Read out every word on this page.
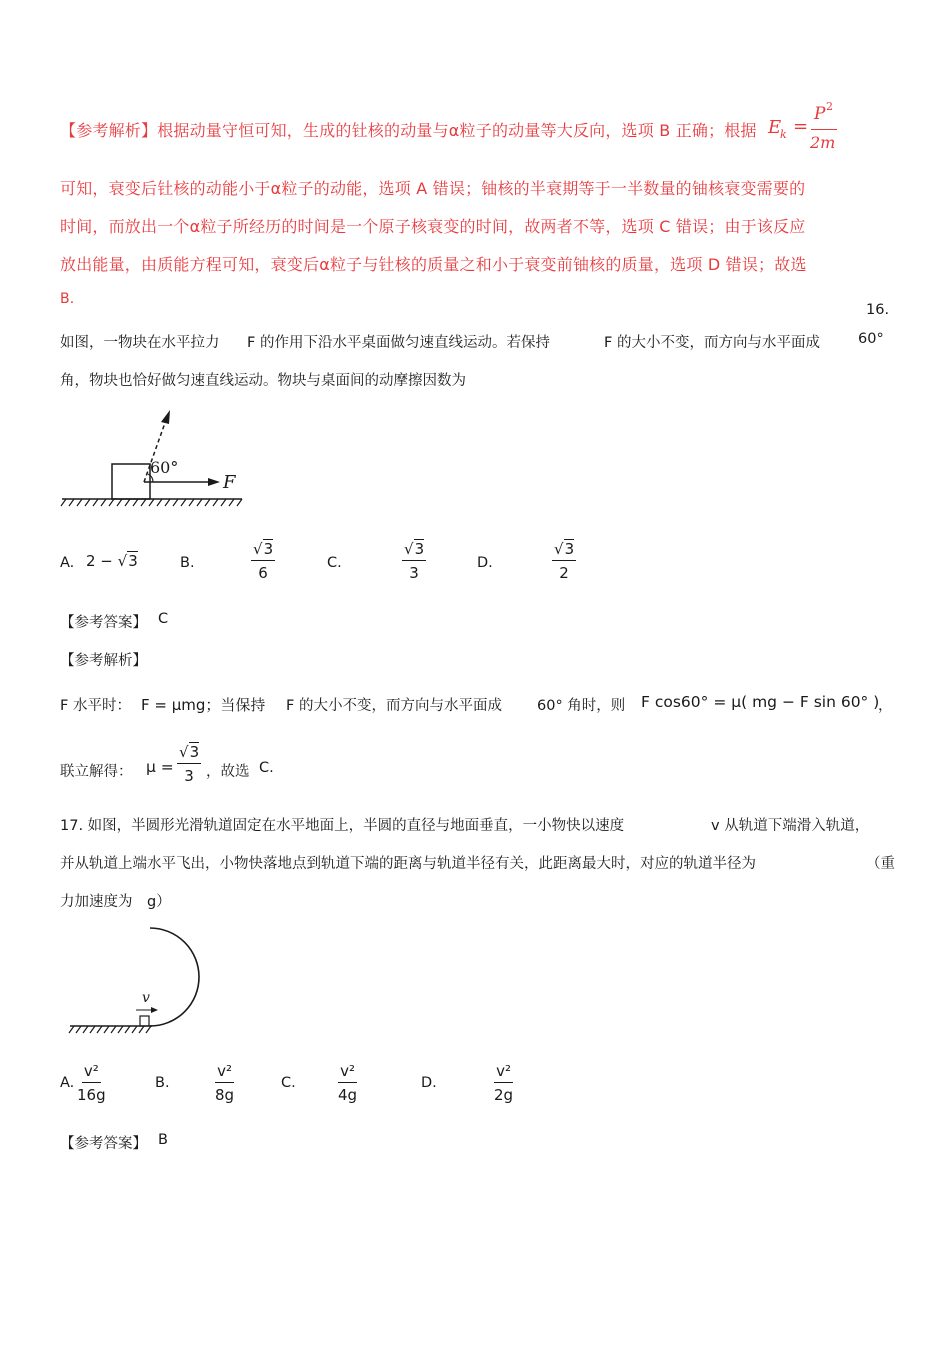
【参考解析】根据动量守恒可知，生成的钍核的动量与α粒子的动量等大反向，选项 B 正确；根据 E
k =
P 2
2m
可知，衰变后钍核的动能小于α粒子的动能，选项 A 错误；铀核的半衰期等于一半数量的铀核衰变需要的
时间，而放出一个α粒子所经历的时间是一个原子核衰变的时间，故两者不等，选项 C 错误；由于该反应
放出能量，由质能方程可知，衰变后α粒子与钍核的质量之和小于衰变前铀核的质量，选项 D 错误；故选
B.
16.
如图，一物块在水平拉力 F 的作用下沿水平桌面做匀速直线运动。若保持	F 的大小不变，而方向与水平面成	60°
角，物块也恰好做匀速直线运动。物块与桌面间的动摩擦因数为
60°
F
A. 2 − √3	B.	$\frac{√3}{6}$	C.	$\frac{√3}{3}$	D.	$\frac{√3}{2}$
【参考答案】 C
【参考解析】
F 水平时： F = μmg；当保持 F 的大小不变，而方向与水平面成 60° 角时，则 F cos60° = μ( mg − F sin 60° )
，
联立解得： $\mu = \frac{√3}{3}$ ，故选 C.
17. 如图，半圆形光滑轨道固定在水平地面上，半圆的直径与地面垂直，一小物快以速度	v 从轨道下端滑入轨道，
并从轨道上端水平飞出，小物快落地点到轨道下端的距离与轨道半径有关，此距离最大时，对应的轨道半径为	（重
力加速度为　g）
v
A. $\frac{\text{v²}}{16g}$	B.	$\frac{\text{v²}}{8g}$	C.	$\frac{\text{v²}}{4g}$	D.	$\frac{\text{v²}}{2g}$
【参考答案】 B
